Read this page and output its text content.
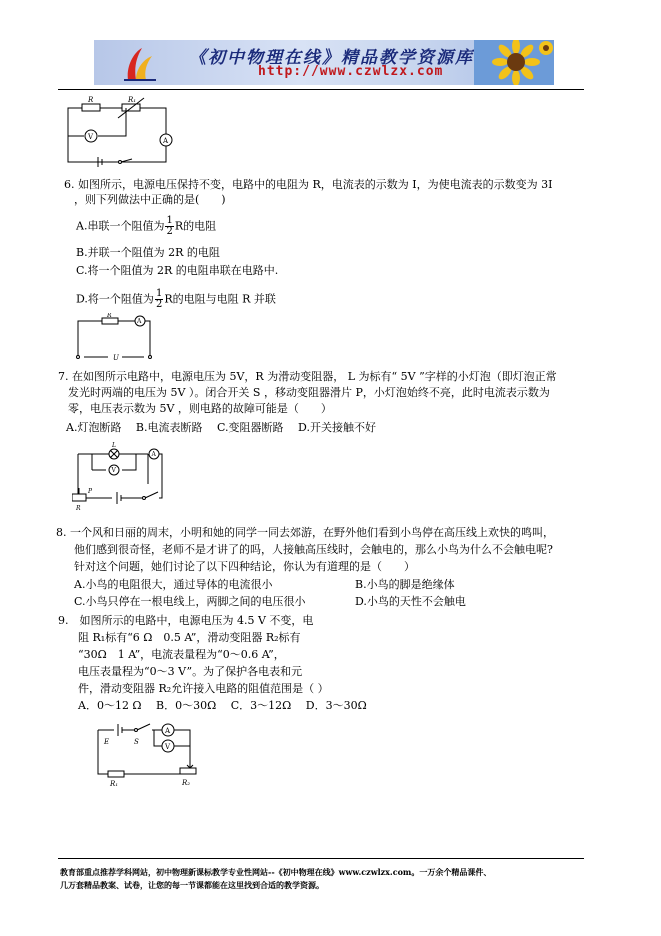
《初中物理在线》精品教学资源库
http://www.czwlzx.com
R	R₁
V	A
6. 如图所示，电源电压保持不变，电路中的电阻为 R，电流表的示数为 I，为使电流表的示数变为 3I
，则下列做法中正确的是(　　)
A.串联一个阻值为 $\frac{1}{2}$ R的电阻
B.并联一个阻值为 2R 的电阻
C.将一个阻值为 2R 的电阻串联在电路中.
D.将一个阻值为 $\frac{1}{2}$ R的电阻与电阻 R 并联
R
A
U
7. 在如图所示电路中，电源电压为 5V，R 为滑动变阻器， L 为标有“ 5V ”字样的小灯泡（即灯泡正常
发光时两端的电压为 5V ）。闭合开关 S ，移动变阻器滑片 P，小灯泡始终不亮，此时电流表示数为
零，电压表示数为 5V ，则电路的故障可能是（　　）
A.灯泡断路　 B.电流表断路　 C.变阻器断路　 D.开关接触不好
L
V
A
P
R
8. 一个风和日丽的周末，小明和她的同学一同去郊游，在野外他们看到小鸟停在高压线上欢快的鸣叫，
他们感到很奇怪，老师不是才讲了的吗，人接触高压线时，会触电的，那么小鸟为什么不会触电呢?
针对这个问题，她们讨论了以下四种结论，你认为有道理的是（　　）
A.小鸟的电阻很大，通过导体的电流很小	B.小鸟的脚是绝缘体
C.小鸟只停在一根电线上，两脚之间的电压很小	D.小鸟的天性不会触电
9.　如图所示的电路中，电源电压为 4.5 V 不变，电
阻 R₁标有“6 Ω　0.5 A”，滑动变阻器 R₂标有
“30Ω　1 A”，电流表量程为“0～0.6 A”，
电压表量程为“0～3 V”。为了保护各电表和元
件，滑动变阻器 R₂允许接入电路的阻值范围是（ ）
A．0～12 Ω　 B．0～30Ω　 C．3～12Ω　 D．3～30Ω
E	S
A
V
R₁	R₂
教育部重点推荐学科网站，初中物理新课标教学专业性网站--《初中物理在线》www.czwlzx.com。一万余个精品课件、
几万套精品教案、试卷，让您的每一节课都能在这里找到合适的教学资源。
